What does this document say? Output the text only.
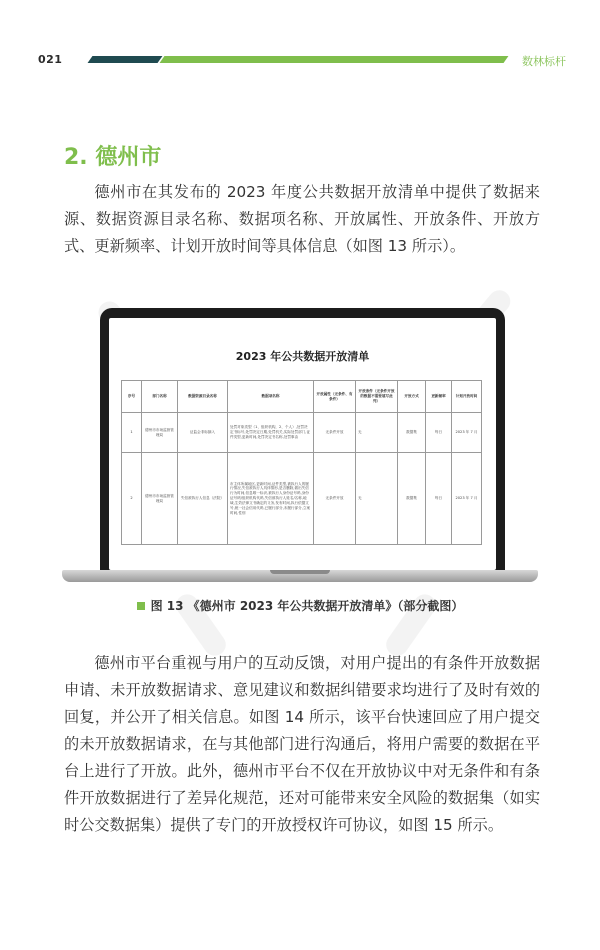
021	数林标杆
2. 德州市

德州市在其发布的 2023 年度公共数据开放清单中提供了数据来源、数据资源目录名称、数据项名称、开放属性、开放条件、开放方式、更新频率、计划开放时间等具体信息（如图 13 所示）。

2023 年公共数据开放清单
序号	部门名称	数据资源目录名称	数据项名称	开放属性（无条件、有条件）	开放条件（无条件开放的数据不需要填写此列）	开放方式	更新频率	计划开放时间
1	德州市市场监督管理局	证监会非标摘入	处罚对象类型（1、组织机构，2、个人）,处罚决定书标号,处罚决定日期,处罚机关,实际处罚部门,证件类型,更新时间,处罚决定书名称,处罚事由	无条件开放	无	数据集	每日	2023 年 7 月
2	德州市市场监督管理局	失信被执行人信息（法院）	市主体所属地区,更新时间,证件类型,被执行人的履行情况,失信被执行人具体情形,是否删除,做出失信行为时间,信息唯一标识,被执行人身份证号码,身份证号码/组织机构代码,失信被执行人姓名/名称,地域,生效法律文书确定的义务,发布时间,执行依据文号,统一社会信用代码,已履行部分,未履行部分,立案时间,性别	无条件开放	无	数据集	每日	2023 年 7 月
图 13 《德州市 2023 年公共数据开放清单》（部分截图）

德州市平台重视与用户的互动反馈，对用户提出的有条件开放数据申请、未开放数据请求、意见建议和数据纠错要求均进行了及时有效的回复，并公开了相关信息。如图 14 所示，该平台快速回应了用户提交的未开放数据请求，在与其他部门进行沟通后，将用户需要的数据在平台上进行了开放。此外，德州市平台不仅在开放协议中对无条件和有条件开放数据进行了差异化规范，还对可能带来安全风险的数据集（如实时公交数据集）提供了专门的开放授权许可协议，如图 15 所示。
